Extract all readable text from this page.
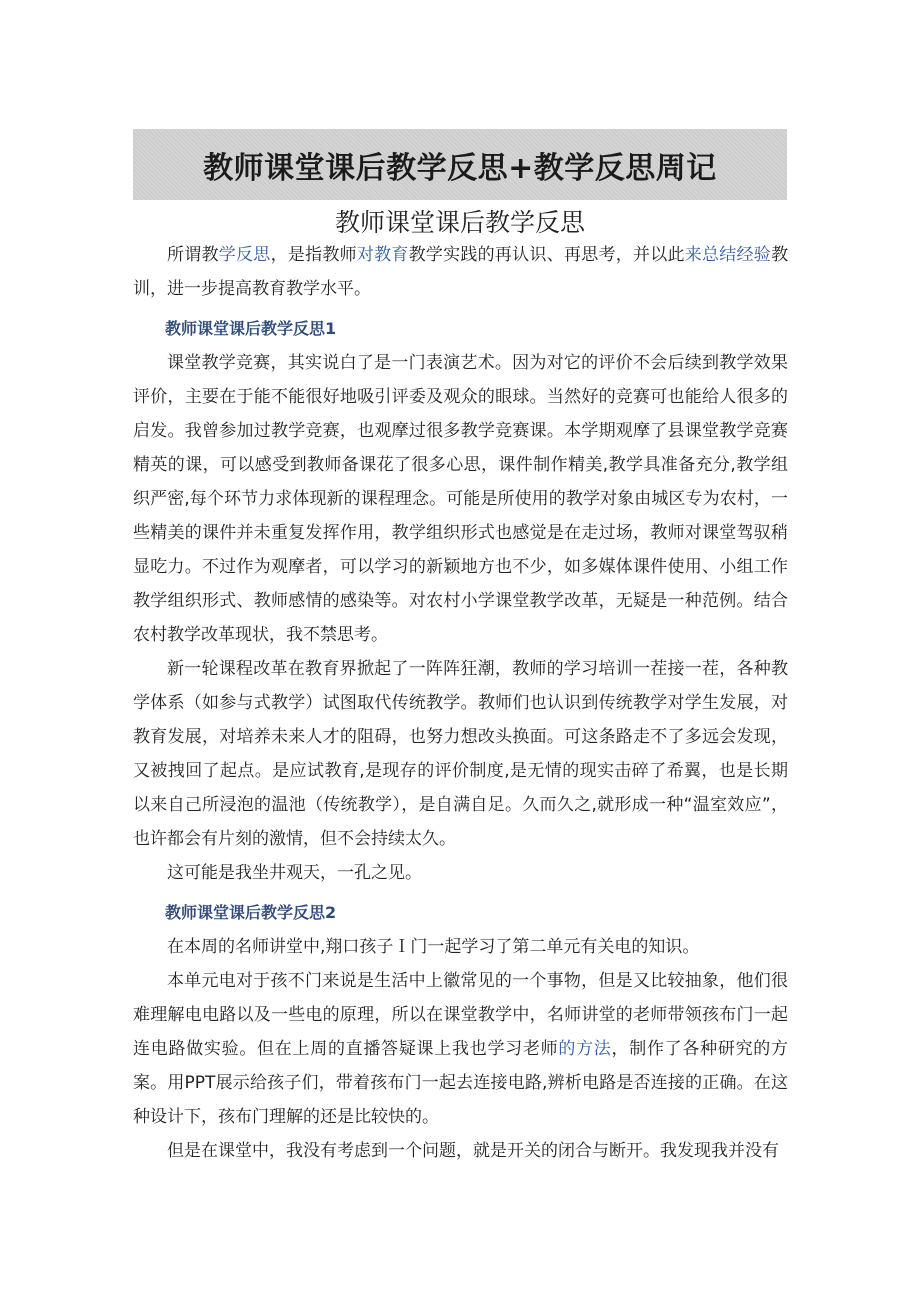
教师课堂课后教学反思+教学反思周记
教师课堂课后教学反思

所谓教学反思，是指教师对教育教学实践的再认识、再思考，并以此来总结经验教训，进一步提高教育教学水平。

教师课堂课后教学反思1

课堂教学竞赛，其实说白了是一门表演艺术。因为对它的评价不会后续到教学效果评价，主要在于能不能很好地吸引评委及观众的眼球。当然好的竞赛可也能给人很多的启发。我曾参加过教学竞赛，也观摩过很多教学竞赛课。本学期观摩了县课堂教学竞赛精英的课，可以感受到教师备课花了很多心思，课件制作精美,教学具准备充分,教学组织严密,每个环节力求体现新的课程理念。可能是所使用的教学对象由城区专为农村，一些精美的课件并未重复发挥作用，教学组织形式也感觉是在走过场，教师对课堂驾驭稍显吃力。不过作为观摩者，可以学习的新颖地方也不少，如多媒体课件使用、小组工作教学组织形式、教师感情的感染等。对农村小学课堂教学改革，无疑是一种范例。结合农村教学改革现状，我不禁思考。

新一轮课程改革在教育界掀起了一阵阵狂潮，教师的学习培训一茬接一茬，各种教学体系（如参与式教学）试图取代传统教学。教师们也认识到传统教学对学生发展，对教育发展，对培养未来人才的阻碍，也努力想改头换面。可这条路走不了多远会发现，又被拽回了起点。是应试教育,是现存的评价制度,是无情的现实击碎了希翼，也是长期以来自己所浸泡的温池（传统教学），是自满自足。久而久之,就形成一种“温室效应”，也许都会有片刻的激情，但不会持续太久。

这可能是我坐井观天，一孔之见。

教师课堂课后教学反思2

在本周的名师讲堂中,翔口孩子Ｉ门一起学习了第二单元有关电的知识。

本单元电对于孩不门来说是生活中上徽常见的一个事物，但是又比较抽象，他们很难理解电电路以及一些电的原理，所以在课堂教学中，名师讲堂的老师带领孩布门一起连电路做实验。但在上周的直播答疑课上我也学习老师的方法，制作了各种研究的方案。用PPT展示给孩子们，带着孩布门一起去连接电路,辨析电路是否连接的正确。在这种设计下，孩布门理解的还是比较快的。

但是在课堂中，我没有考虑到一个问题，就是开关的闭合与断开。我发现我并没有
